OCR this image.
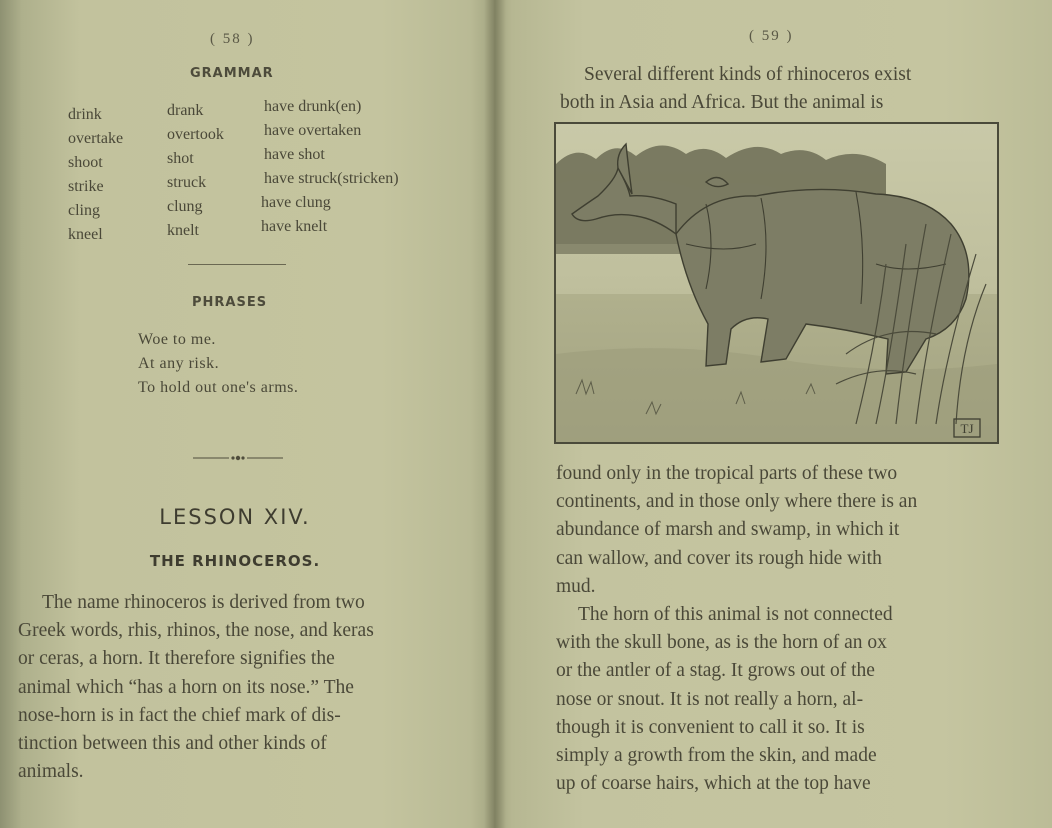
( 58 )
GRAMMAR
drink	drank	have drunk(en)
overtake	overtook	have overtaken
shoot	shot	have shot
strike	struck	have struck(stricken)
cling	clung	have clung
kneel	knelt	have knelt
PHRASES
Woe to me.
At any risk.
To hold out one's arms.
LESSON XIV.
THE RHINOCEROS.
The name rhinoceros is derived from two
Greek words, rhis, rhinos, the nose, and keras
or ceras, a horn. It therefore signifies the
animal which “has a horn on its nose.” The
nose-horn is in fact the chief mark of dis-
tinction between this and other kinds of
animals.
( 59 )
Several different kinds of rhinoceros exist
both in Asia and Africa. But the animal is
found only in the tropical parts of these two
continents, and in those only where there is an
abundance of marsh and swamp, in which it
can wallow, and cover its rough hide with
mud.
The horn of this animal is not connected
with the skull bone, as is the horn of an ox
or the antler of a stag. It grows out of the
nose or snout. It is not really a horn, al-
though it is convenient to call it so. It is
simply a growth from the skin, and made
up of coarse hairs, which at the top have
TJ
